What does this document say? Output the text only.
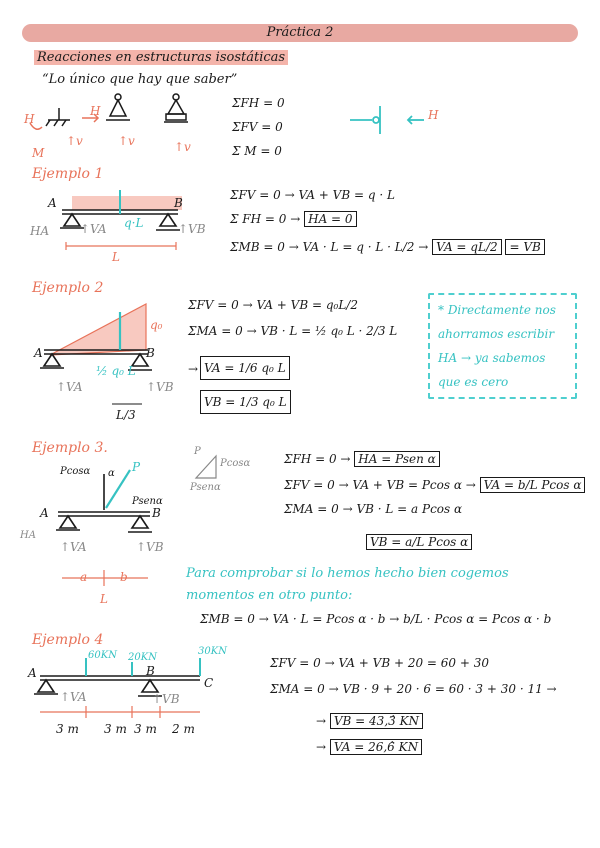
Práctica 2
Reacciones en estructuras isostáticas
“Lo único que hay que saber”
H
H
M
↑v	↑v	↑v
ΣFH = 0
ΣFV = 0
Σ M = 0
H
Ejemplo 1
A	B
HA	↑VA	↑VB
q·L
L
ΣFV = 0 → VA + VB = q · L
Σ FH = 0 → HA = 0
ΣMB = 0 → VA · L = q · L · L/2 → VA = qL/2 = VB
Ejemplo 2
A	B
q₀
½ q₀ L
↑VA	↑VB
L/3
ΣFV = 0 → VA + VB = q₀L/2
ΣMA = 0 → VB · L = ½ q₀ L · 2/3 L
→ VA = 1/6 q₀ L
VB = 1/3 q₀ L
* Directamente nos
ahorramos escribir
HA → ya sabemos
que es cero
Ejemplo 3.
Pcosα
Psenα
P
α
A	B
HA
↑VA	↑VB
a	b
L
P
Pcosα
Psenα
ΣFH = 0 → HA = Psen α
ΣFV = 0 → VA + VB = Pcos α → VA = b/L Pcos α
ΣMA = 0 → VB · L = a Pcos α
VB = a/L Pcos α
Para comprobar si lo hemos hecho bien cogemos
momentos en otro punto:
ΣMB = 0 → VA · L = Pcos α · b → b/L · Pcos α = Pcos α · b
Ejemplo 4
A	B
C
60KN 20KN
30KN
↑VA	↑VB
3 m 3 m 3 m 2 m
ΣFV = 0 → VA + VB + 20 = 60 + 30
ΣMA = 0 → VB · 9 + 20 · 6 = 60 · 3 + 30 · 11 →
→ VB = 43,3̂ KN
→ VA = 26,6̂ KN
